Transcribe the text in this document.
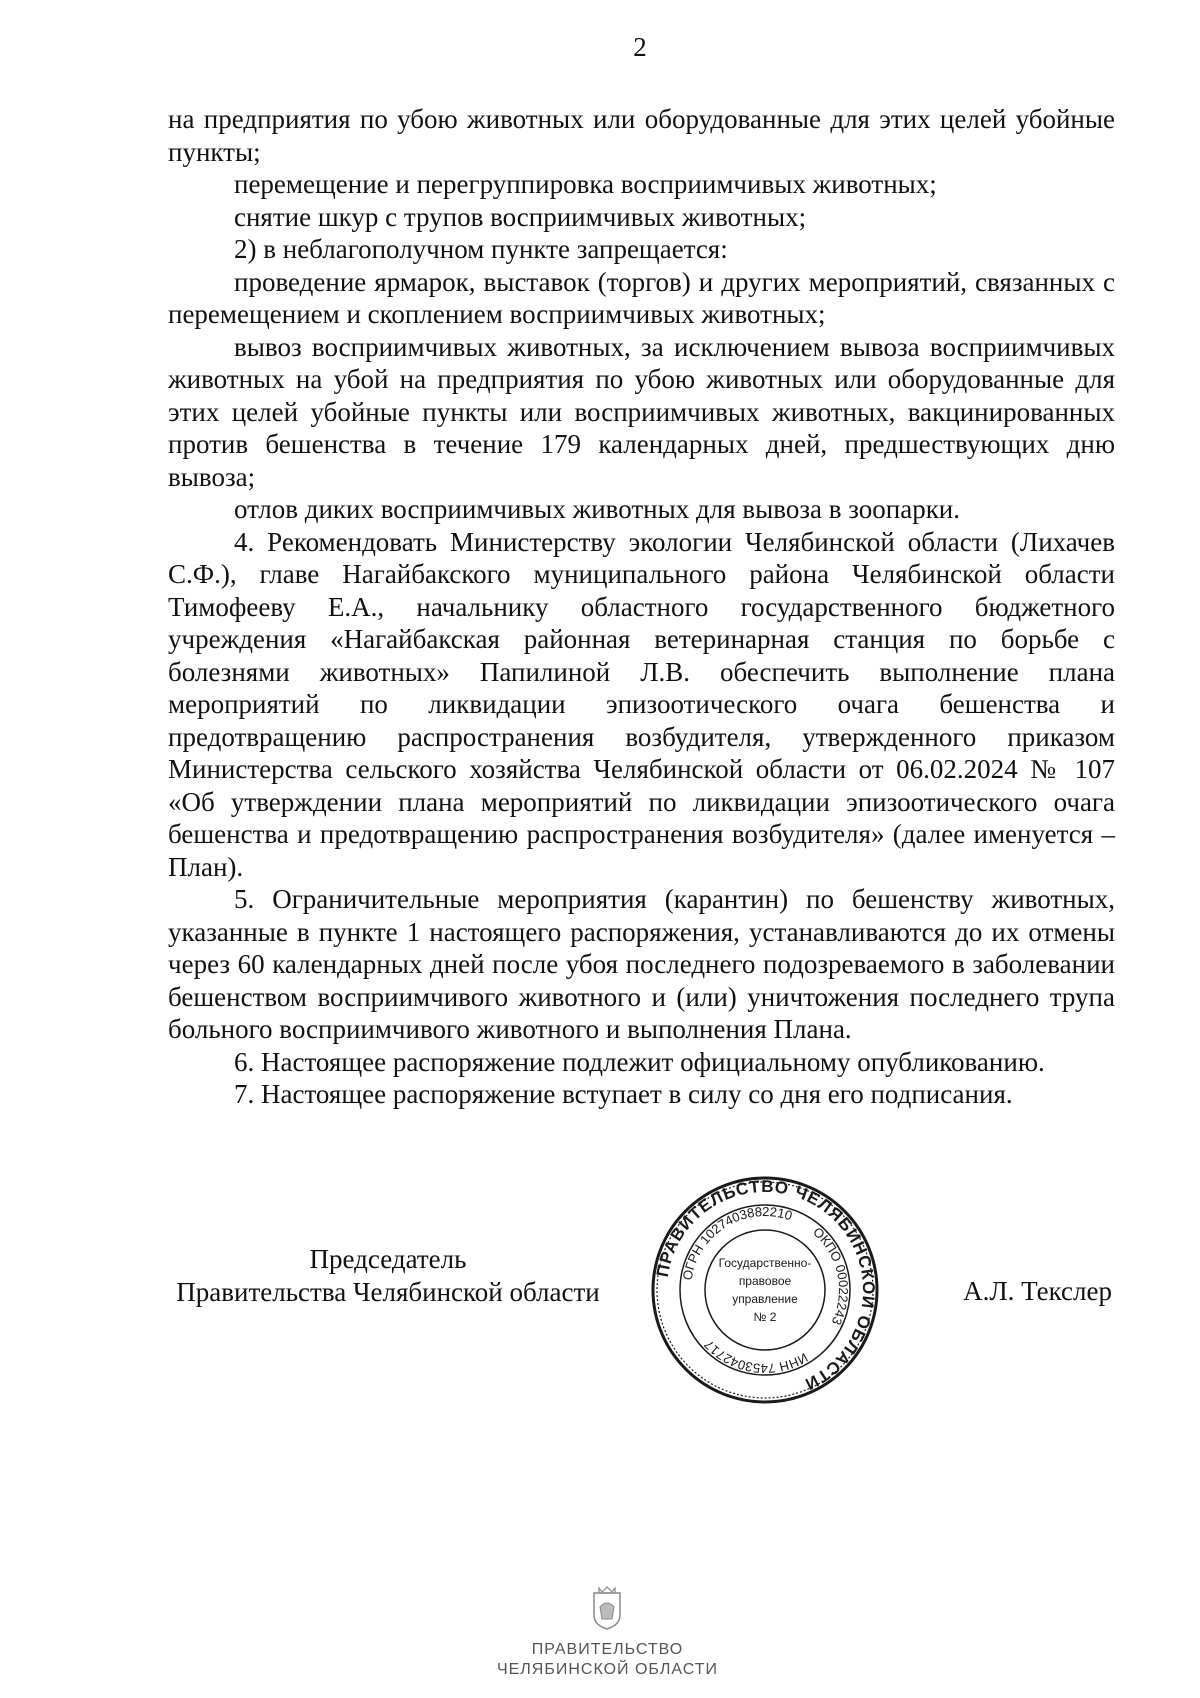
2

на предприятия по убою животных или оборудованные для этих целей убойные пункты;

перемещение и перегруппировка восприимчивых животных;

снятие шкур с трупов восприимчивых животных;

2) в неблагополучном пункте запрещается:

проведение ярмарок, выставок (торгов) и других мероприятий, связанных с перемещением и скоплением восприимчивых животных;

вывоз восприимчивых животных, за исключением вывоза восприимчивых животных на убой на предприятия по убою животных или оборудованные для этих целей убойные пункты или восприимчивых животных, вакцинированных против бешенства в течение 179 календарных дней, предшествующих дню вывоза;

отлов диких восприимчивых животных для вывоза в зоопарки.

4. Рекомендовать Министерству экологии Челябинской области (Лихачев С.Ф.), главе Нагайбакского муниципального района Челябинской области Тимофееву Е.А., начальнику областного государственного бюджетного учреждения «Нагайбакская районная ветеринарная станция по борьбе с болезнями животных» Папилиной Л.В. обеспечить выполнение плана мероприятий по ликвидации эпизоотического очага бешенства и предотвращению распространения возбудителя, утвержденного приказом Министерства сельского хозяйства Челябинской области от 06.02.2024 № 107 «Об утверждении плана мероприятий по ликвидации эпизоотического очага бешенства и предотвращению распространения возбудителя» (далее именуется – План).

5. Ограничительные мероприятия (карантин) по бешенству животных, указанные в пункте 1 настоящего распоряжения, устанавливаются до их отмены через 60 календарных дней после убоя последнего подозреваемого в заболевании бешенством восприимчивого животного и (или) уничтожения последнего трупа больного восприимчивого животного и выполнения Плана.

6. Настоящее распоряжение подлежит официальному опубликованию.

7. Настоящее распоряжение вступает в силу со дня его подписания.

Председатель
Правительства Челябинской области
ПРАВИТЕЛЬСТВО ЧЕЛЯБИНСКОЙ ОБЛАСТИ
ОГРН 1027403882210
ОКПО 00022243
ИНН 7453042717
Государственно-
правовое
управление
№ 2
А.Л. Текслер
ПРАВИТЕЛЬСТВО
ЧЕЛЯБИНСКОЙ ОБЛАСТИ
